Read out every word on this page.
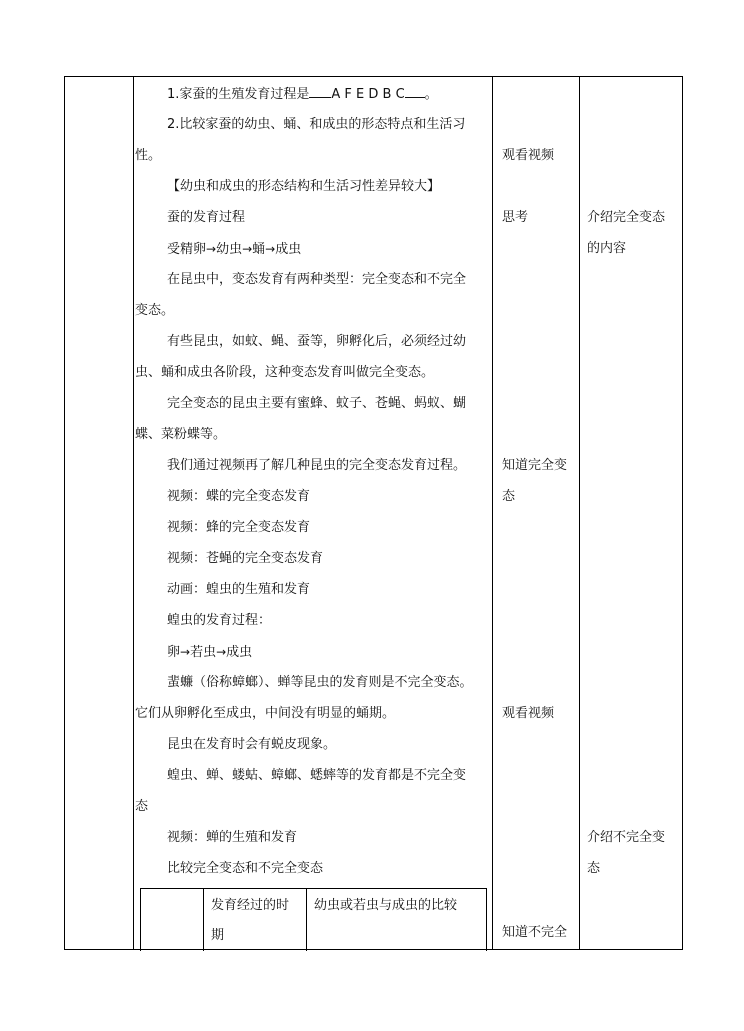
1.家蚕的生殖发育过程是 A F E D B C 。
2.比较家蚕的幼虫、蛹、和成虫的形态特点和生活习
性。
【幼虫和成虫的形态结构和生活习性差异较大】
蚕的发育过程
受精卵→幼虫→蛹→成虫
在昆虫中，变态发育有两种类型：完全变态和不完全
变态。
有些昆虫，如蚊、蝇、蚕等，卵孵化后，必须经过幼
虫、蛹和成虫各阶段，这种变态发育叫做完全变态。
完全变态的昆虫主要有蜜蜂、蚊子、苍蝇、蚂蚁、蝴
蝶、菜粉蝶等。
我们通过视频再了解几种昆虫的完全变态发育过程。
视频：蝶的完全变态发育
视频：蜂的完全变态发育
视频：苍蝇的完全变态发育
动画：蝗虫的生殖和发育
蝗虫的发育过程：
卵→若虫→成虫
蜚蠊（俗称蟑螂）、蝉等昆虫的发育则是不完全变态。
它们从卵孵化至成虫，中间没有明显的蛹期。
昆虫在发育时会有蜕皮现象。
蝗虫、蝉、蝼蛄、蟑螂、蟋蟀等的发育都是不完全变
态
视频：蝉的生殖和发育
比较完全变态和不完全变态
观看视频
思考
知道完全变
态
观看视频
知道不完全
介绍完全变态
的内容
介绍不完全变
态
发育经过的时
期
幼虫或若虫与成虫的比较
